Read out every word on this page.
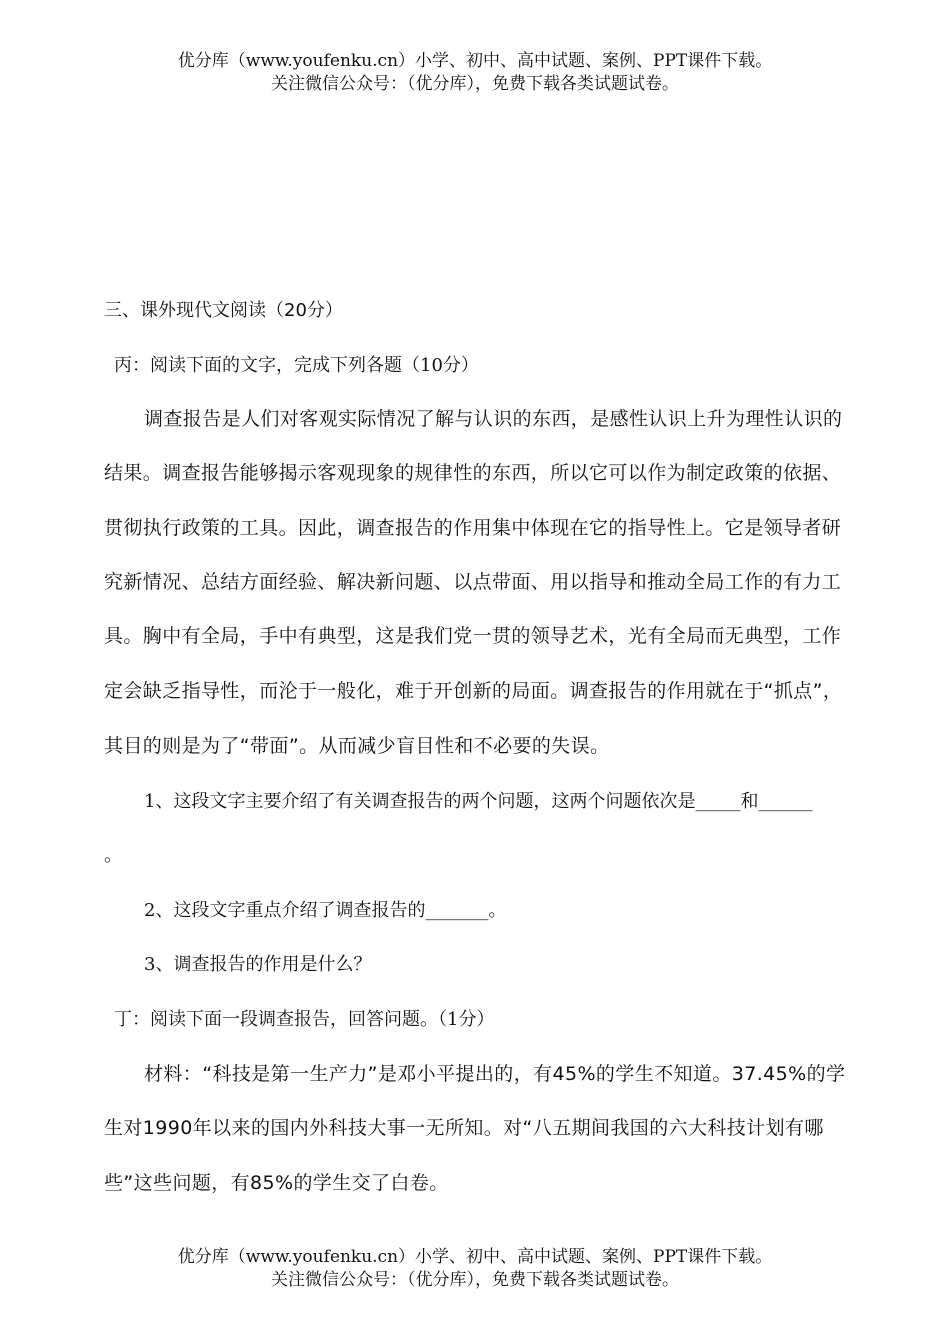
优分库（www.youfenku.cn）小学、初中、高中试题、案例、PPT课件下载。
关注微信公众号：（优分库），免费下载各类试题试卷。
三、课外现代文阅读（20分）
丙：阅读下面的文字，完成下列各题（10分）
调查报告是人们对客观实际情况了解与认识的东西，是感性认识上升为理性认识的
结果。调查报告能够揭示客观现象的规律性的东西，所以它可以作为制定政策的依据、
贯彻执行政策的工具。因此，调查报告的作用集中体现在它的指导性上。它是领导者研
究新情况、总结方面经验、解决新问题、以点带面、用以指导和推动全局工作的有力工
具。胸中有全局，手中有典型，这是我们党一贯的领导艺术，光有全局而无典型，工作
定会缺乏指导性，而沦于一般化，难于开创新的局面。调查报告的作用就在于“抓点”，
其目的则是为了“带面”。从而减少盲目性和不必要的失误。
1、这段文字主要介绍了有关调查报告的两个问题，这两个问题依次是_____和______
。
2、这段文字重点介绍了调查报告的_______。
3、调查报告的作用是什么？
丁：阅读下面一段调查报告，回答问题。（1分）
材料：“科技是第一生产力”是邓小平提出的，有45%的学生不知道。37.45%的学
生对1990年以来的国内外科技大事一无所知。对“八五期间我国的六大科技计划有哪
些”这些问题，有85%的学生交了白卷。
优分库（www.youfenku.cn）小学、初中、高中试题、案例、PPT课件下载。
关注微信公众号：（优分库），免费下载各类试题试卷。
